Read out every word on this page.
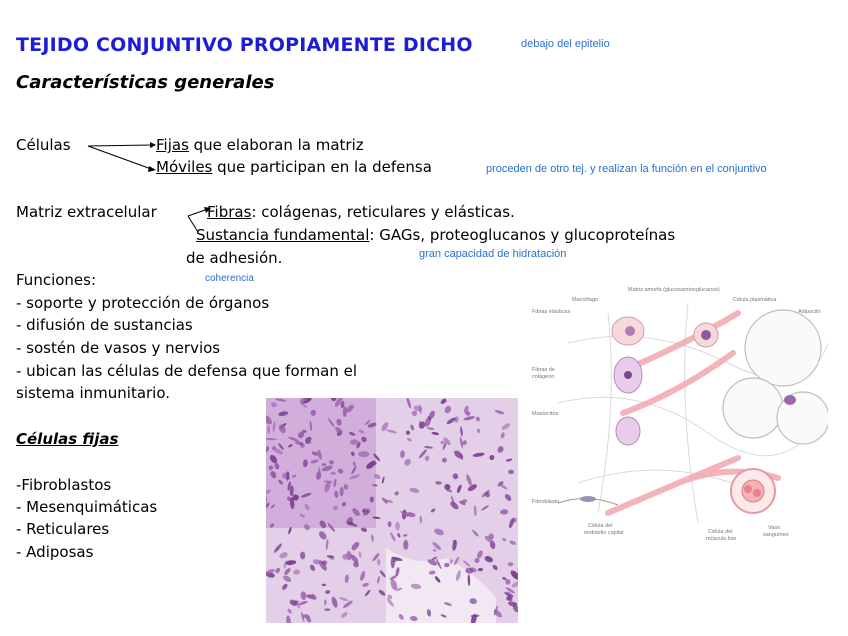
TEJIDO CONJUNTIVO PROPIAMENTE DICHO	debajo del epitelio
Características generales
Células	Fijas que elaboran la matriz
Móviles que participan en la defensa	proceden de otro tej. y realizan la función en el conjuntivo
Matriz extracelular	Fibras: colágenas, reticulares y elásticas.
Sustancia fundamental: GAGs, proteoglucanos y glucoproteínas
de adhesión.	gran capacidad de hidratación
Funciones:	coherencia
- soporte y protección de órganos
- difusión de sustancias
- sostén de vasos y nervios
- ubican las células de defensa que forman el
sistema inmunitario.
Células fijas
-Fibroblastos
- Mesenquimáticas
- Reticulares
- Adiposas
Macrófago
Matriz amorfa (glucosaminoglucanos)
Célula plasmática
Fibras elásticas	Adipocito
Fibras de
colágeno
Mastocitos
Fibroblasto
Célula del
endotelio capilar	Célula del
músculo liso
Vaso
sanguíneo
